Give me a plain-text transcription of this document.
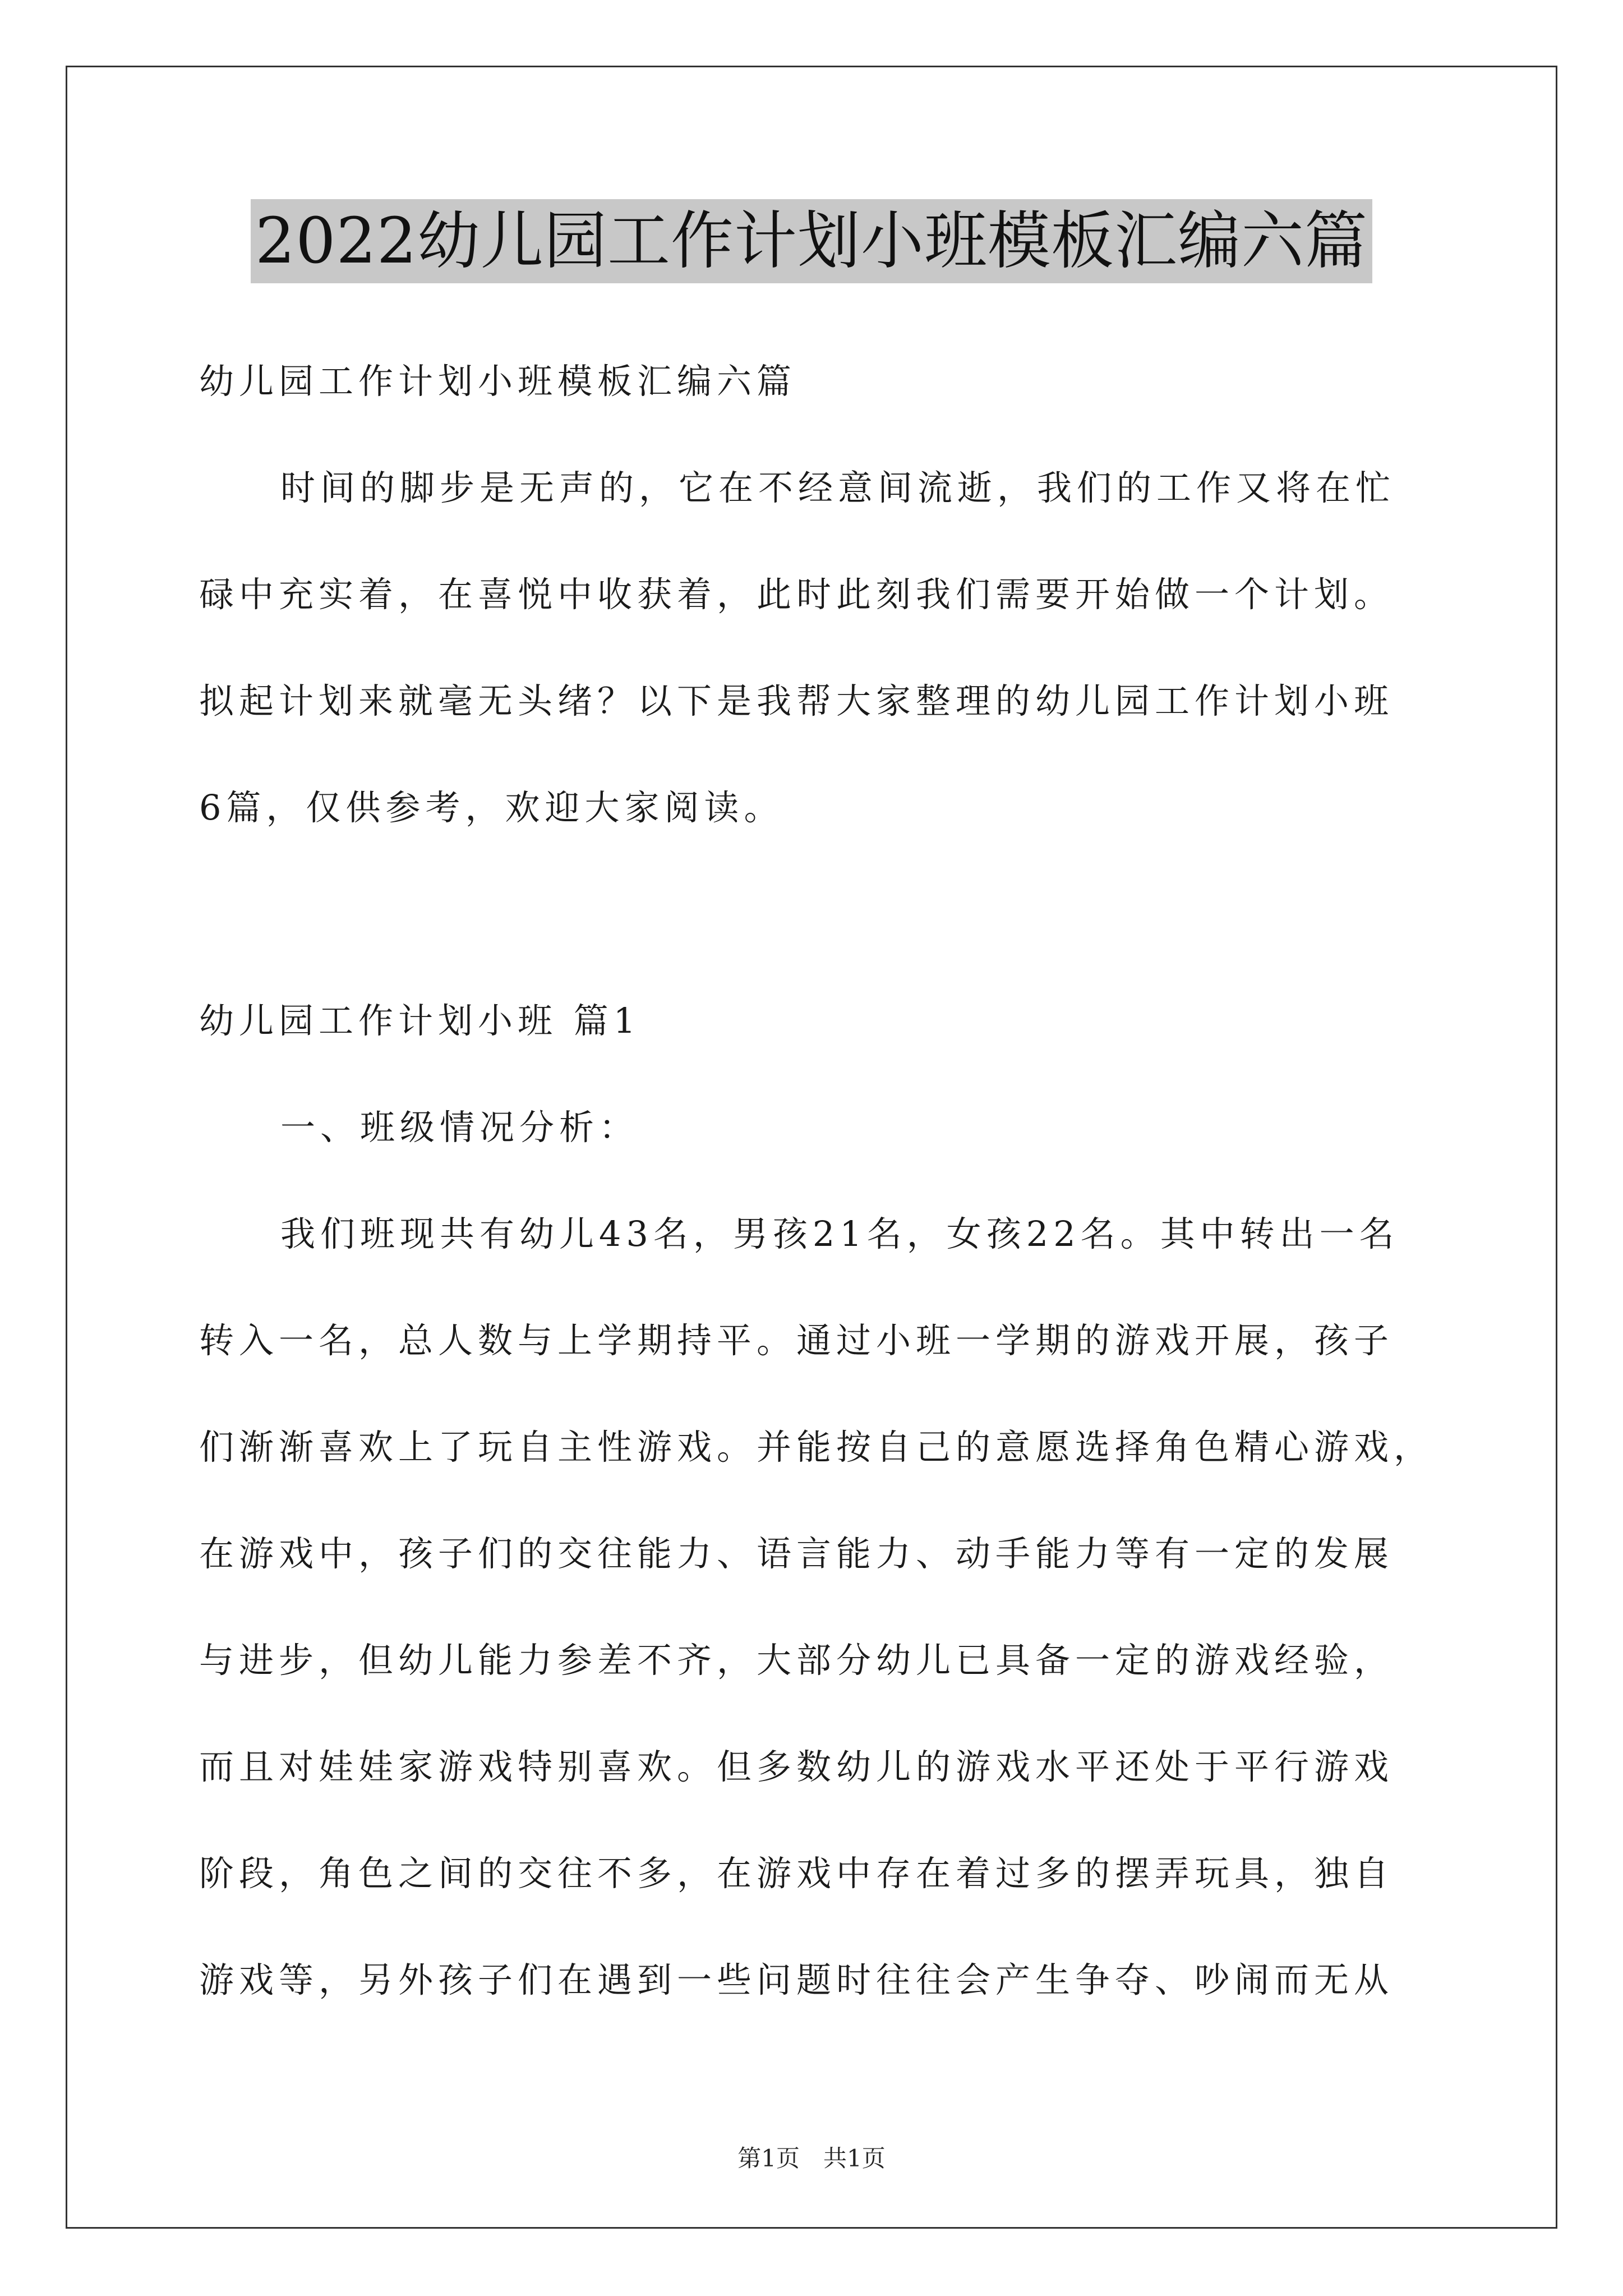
2022幼儿园工作计划小班模板汇编六篇
幼儿园工作计划小班模板汇编六篇
时间的脚步是无声的，它在不经意间流逝，我们的工作又将在忙
碌中充实着，在喜悦中收获着，此时此刻我们需要开始做一个计划。
拟起计划来就毫无头绪？以下是我帮大家整理的幼儿园工作计划小班
6篇，仅供参考，欢迎大家阅读。
幼儿园工作计划小班 篇1
一、班级情况分析：
我们班现共有幼儿43名，男孩21名，女孩22名。其中转出一名
转入一名，总人数与上学期持平。通过小班一学期的游戏开展，孩子
们渐渐喜欢上了玩自主性游戏。并能按自己的意愿选择角色精心游戏，
在游戏中，孩子们的交往能力、语言能力、动手能力等有一定的发展
与进步，但幼儿能力参差不齐，大部分幼儿已具备一定的游戏经验，
而且对娃娃家游戏特别喜欢。但多数幼儿的游戏水平还处于平行游戏
阶段，角色之间的交往不多，在游戏中存在着过多的摆弄玩具，独自
游戏等，另外孩子们在遇到一些问题时往往会产生争夺、吵闹而无从
第1页　共1页
